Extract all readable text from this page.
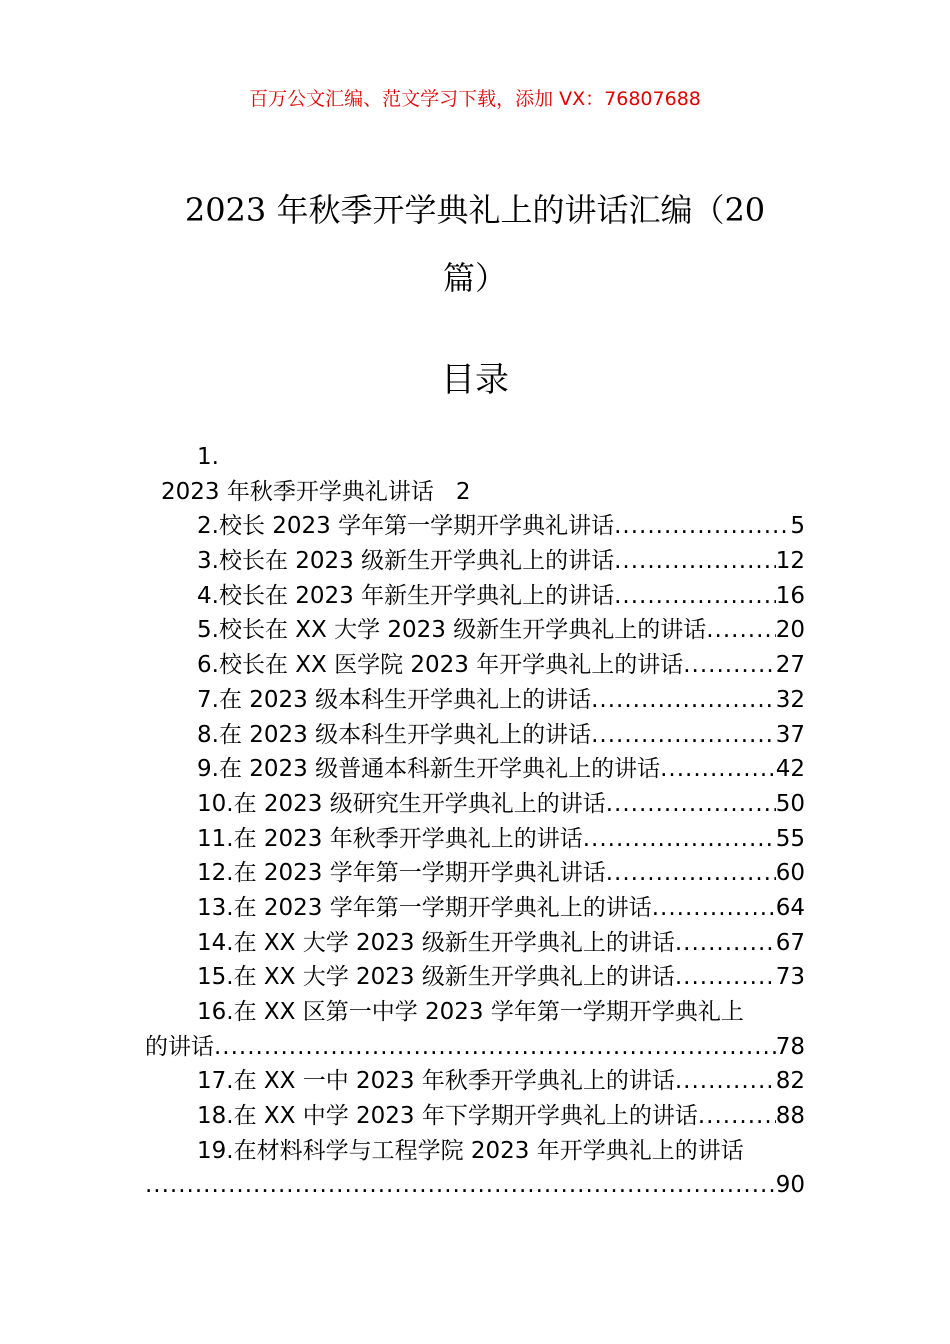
百万公文汇编、范文学习下载，添加 VX：76807688
2023 年秋季开学典礼上的讲话汇编（20
篇）
目录
1.
2023 年秋季开学典礼讲话 2
2.校长 2023 学年第一学期开学典礼讲话 .....	5
3.校长在 2023 级新生开学典礼上的讲话 .....	12
4.校长在 2023 年新生开学典礼上的讲话 .....	16
5.校长在 XX 大学 2023 级新生开学典礼上的讲话 .....	20
6.校长在 XX 医学院 2023 年开学典礼上的讲话 .....	27
7.在 2023 级本科生开学典礼上的讲话 .....	32
8.在 2023 级本科生开学典礼上的讲话 .....	37
9.在 2023 级普通本科新生开学典礼上的讲话 .....	42
10.在 2023 级研究生开学典礼上的讲话 .....	50
11.在 2023 年秋季开学典礼上的讲话 .....	55
12.在 2023 学年第一学期开学典礼讲话 .....	60
13.在 2023 学年第一学期开学典礼上的讲话 .....	64
14.在 XX 大学 2023 级新生开学典礼上的讲话 .....	67
15.在 XX 大学 2023 级新生开学典礼上的讲话 .....	73
16.在 XX 区第一中学 2023 学年第一学期开学典礼上
的讲话 .....	78
17.在 XX 一中 2023 年秋季开学典礼上的讲话 .....	82
18.在 XX 中学 2023 年下学期开学典礼上的讲话 .....	88
19.在材料科学与工程学院 2023 年开学典礼上的讲话
.....
90
